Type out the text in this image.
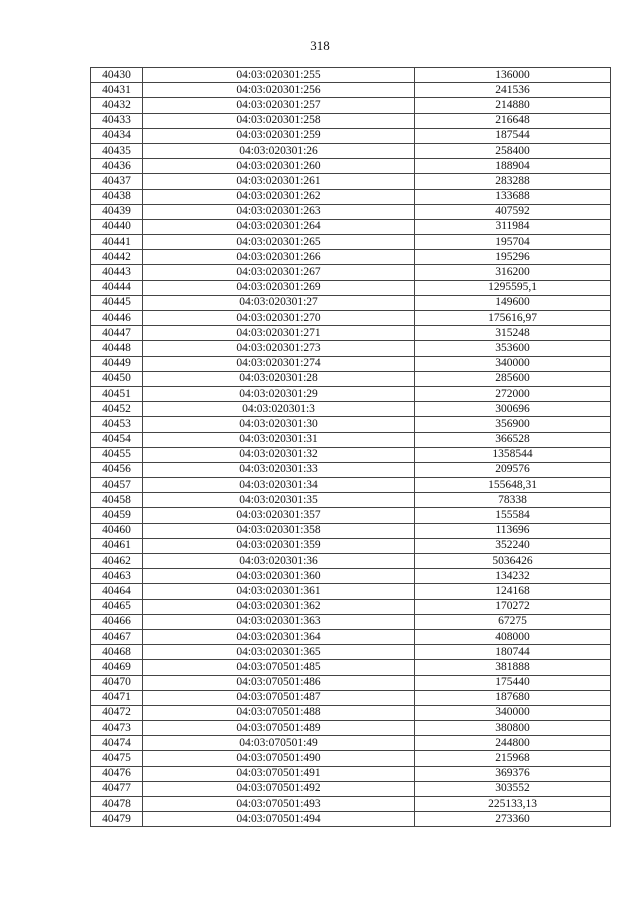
318
40430	04:03:020301:255	136000
40431	04:03:020301:256	241536
40432	04:03:020301:257	214880
40433	04:03:020301:258	216648
40434	04:03:020301:259	187544
40435	04:03:020301:26	258400
40436	04:03:020301:260	188904
40437	04:03:020301:261	283288
40438	04:03:020301:262	133688
40439	04:03:020301:263	407592
40440	04:03:020301:264	311984
40441	04:03:020301:265	195704
40442	04:03:020301:266	195296
40443	04:03:020301:267	316200
40444	04:03:020301:269	1295595,1
40445	04:03:020301:27	149600
40446	04:03:020301:270	175616,97
40447	04:03:020301:271	315248
40448	04:03:020301:273	353600
40449	04:03:020301:274	340000
40450	04:03:020301:28	285600
40451	04:03:020301:29	272000
40452	04:03:020301:3	300696
40453	04:03:020301:30	356900
40454	04:03:020301:31	366528
40455	04:03:020301:32	1358544
40456	04:03:020301:33	209576
40457	04:03:020301:34	155648,31
40458	04:03:020301:35	78338
40459	04:03:020301:357	155584
40460	04:03:020301:358	113696
40461	04:03:020301:359	352240
40462	04:03:020301:36	5036426
40463	04:03:020301:360	134232
40464	04:03:020301:361	124168
40465	04:03:020301:362	170272
40466	04:03:020301:363	67275
40467	04:03:020301:364	408000
40468	04:03:020301:365	180744
40469	04:03:070501:485	381888
40470	04:03:070501:486	175440
40471	04:03:070501:487	187680
40472	04:03:070501:488	340000
40473	04:03:070501:489	380800
40474	04:03:070501:49	244800
40475	04:03:070501:490	215968
40476	04:03:070501:491	369376
40477	04:03:070501:492	303552
40478	04:03:070501:493	225133,13
40479	04:03:070501:494	273360
